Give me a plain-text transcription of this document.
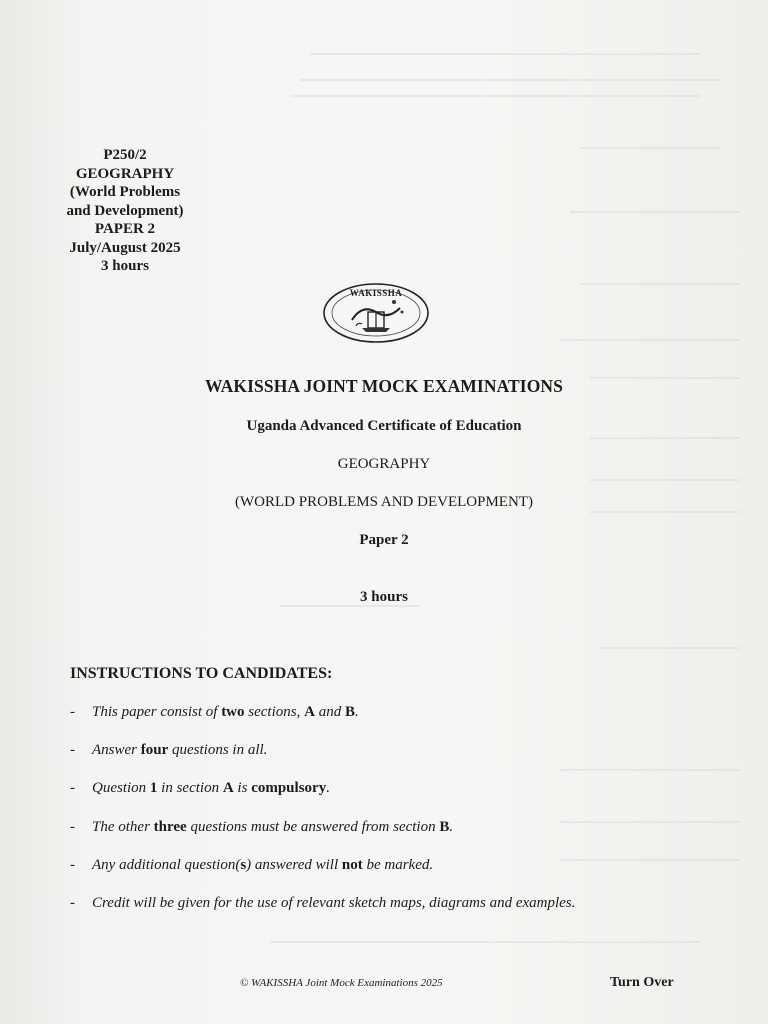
P250/2
GEOGRAPHY
(World Problems
and Development)
PAPER 2
July/August 2025
3 hours
WAKISSHA
WAKISSHA JOINT MOCK EXAMINATIONS
Uganda Advanced Certificate of Education
GEOGRAPHY
(WORLD PROBLEMS AND DEVELOPMENT)
Paper 2
3 hours
INSTRUCTIONS TO CANDIDATES:
- This paper consist of two sections, A and B.
- Answer four questions in all.
- Question 1 in section A is compulsory.
- The other three questions must be answered from section B.
- Any additional question(s) answered will not be marked.
- Credit will be given for the use of relevant sketch maps, diagrams and examples.
© WAKISSHA Joint Mock Examinations 2025	Turn Over
